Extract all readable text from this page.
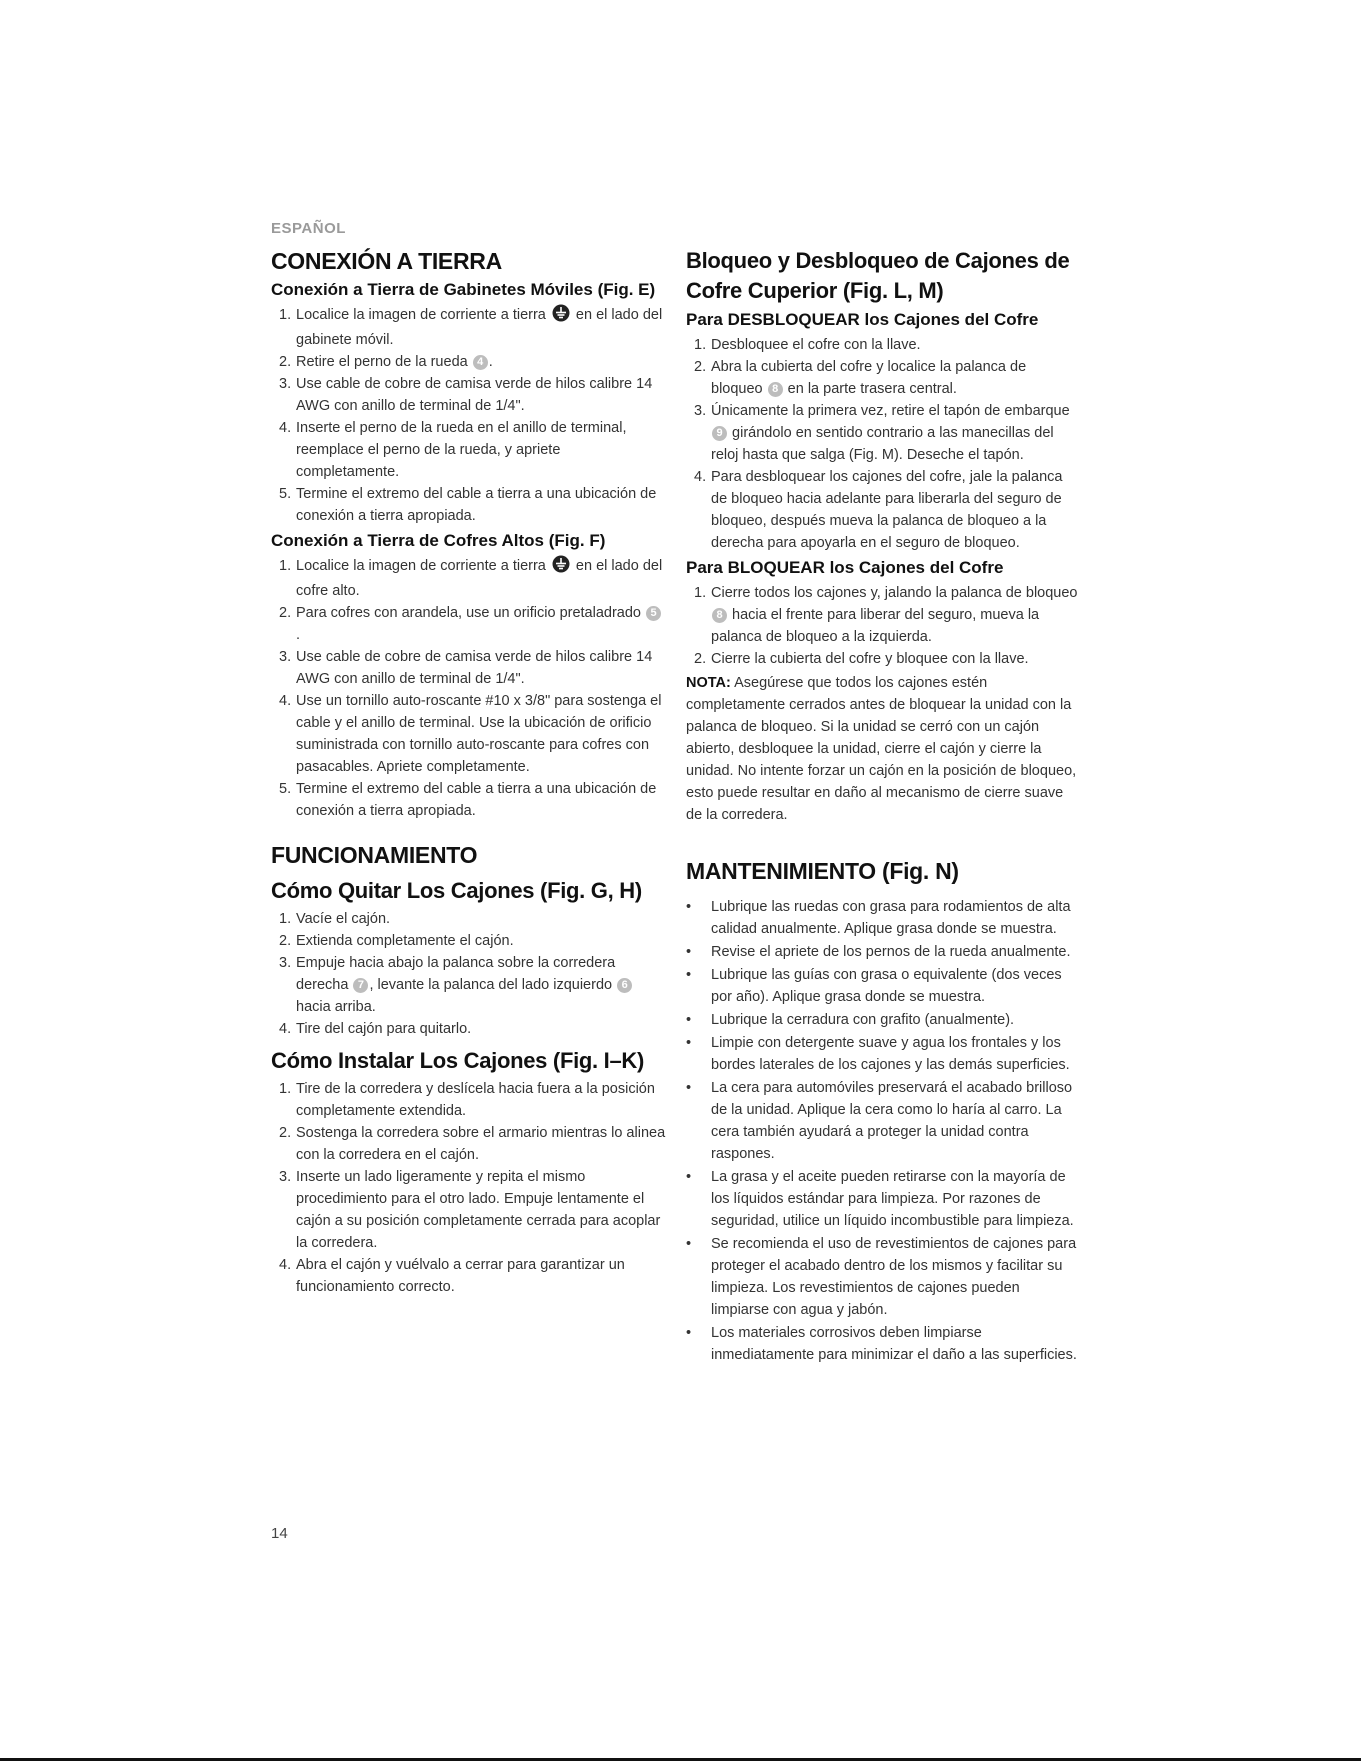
ESPAÑOL
CONEXIÓN A TIERRA
Conexión a Tierra de Gabinetes Móviles (Fig. E)
1. Localice la imagen de corriente a tierra en el lado del gabinete móvil.
2. Retire el perno de la rueda 4 .
3. Use cable de cobre de camisa verde de hilos calibre 14 AWG con anillo de terminal de 1/4".
4. Inserte el perno de la rueda en el anillo de terminal, reemplace el perno de la rueda, y apriete completamente.
5. Termine el extremo del cable a tierra a una ubicación de conexión a tierra apropiada.
Conexión a Tierra de Cofres Altos (Fig. F)
1. Localice la imagen de corriente a tierra en el lado del cofre alto.
2. Para cofres con arandela, use un orificio pretaladrado 5.
3. Use cable de cobre de camisa verde de hilos calibre 14 AWG con anillo de terminal de 1/4".
4. Use un tornillo auto-roscante #10 x 3/8" para sostenga el cable y el anillo de terminal. Use la ubicación de orificio suministrada con tornillo auto-roscante para cofres con pasacables. Apriete completamente.
5. Termine el extremo del cable a tierra a una ubicación de conexión a tierra apropiada.
FUNCIONAMIENTO
Cómo Quitar Los Cajones (Fig. G, H)
1. Vacíe el cajón.
2. Extienda completamente el cajón.
3. Empuje hacia abajo la palanca sobre la corredera derecha 7 , levante la palanca del lado izquierdo 6 hacia arriba.
4. Tire del cajón para quitarlo.
Cómo Instalar Los Cajones (Fig. I–K)
1. Tire de la corredera y deslícela hacia fuera a la posición completamente extendida.
2. Sostenga la corredera sobre el armario mientras lo alinea con la corredera en el cajón.
3. Inserte un lado ligeramente y repita el mismo procedimiento para el otro lado. Empuje lentamente el cajón a su posición completamente cerrada para acoplar la corredera.
4. Abra el cajón y vuélvalo a cerrar para garantizar un funcionamiento correcto.
Bloqueo y Desbloqueo de Cajones de Cofre Cuperior (Fig. L, M)
Para DESBLOQUEAR los Cajones del Cofre
1. Desbloquee el cofre con la llave.
2. Abra la cubierta del cofre y localice la palanca de bloqueo 8 en la parte trasera central.
3. Únicamente la primera vez, retire el tapón de embarque 9 girándolo en sentido contrario a las manecillas del reloj hasta que salga (Fig. M). Deseche el tapón.
4. Para desbloquear los cajones del cofre, jale la palanca de bloqueo hacia adelante para liberarla del seguro de bloqueo, después mueva la palanca de bloqueo a la derecha para apoyarla en el seguro de bloqueo.
Para BLOQUEAR los Cajones del Cofre
1. Cierre todos los cajones y, jalando la palanca de bloqueo 8 hacia el frente para liberar del seguro, mueva la palanca de bloqueo a la izquierda.
2. Cierre la cubierta del cofre y bloquee con la llave.
NOTA: Asegúrese que todos los cajones estén completamente cerrados antes de bloquear la unidad con la palanca de bloqueo. Si la unidad se cerró con un cajón abierto, desbloquee la unidad, cierre el cajón y cierre la unidad. No intente forzar un cajón en la posición de bloqueo, esto puede resultar en daño al mecanismo de cierre suave de la corredera.
MANTENIMIENTO (Fig. N)
• Lubrique las ruedas con grasa para rodamientos de alta calidad anualmente. Aplique grasa donde se muestra.
• Revise el apriete de los pernos de la rueda anualmente.
• Lubrique las guías con grasa o equivalente (dos veces por año). Aplique grasa donde se muestra.
• Lubrique la cerradura con grafito (anualmente).
• Limpie con detergente suave y agua los frontales y los bordes laterales de los cajones y las demás superficies.
• La cera para automóviles preservará el acabado brilloso de la unidad. Aplique la cera como lo haría al carro. La cera también ayudará a proteger la unidad contra raspones.
• La grasa y el aceite pueden retirarse con la mayoría de los líquidos estándar para limpieza. Por razones de seguridad, utilice un líquido incombustible para limpieza.
• Se recomienda el uso de revestimientos de cajones para proteger el acabado dentro de los mismos y facilitar su limpieza. Los revestimientos de cajones pueden limpiarse con agua y jabón.
• Los materiales corrosivos deben limpiarse inmediatamente para minimizar el daño a las superficies.
14
